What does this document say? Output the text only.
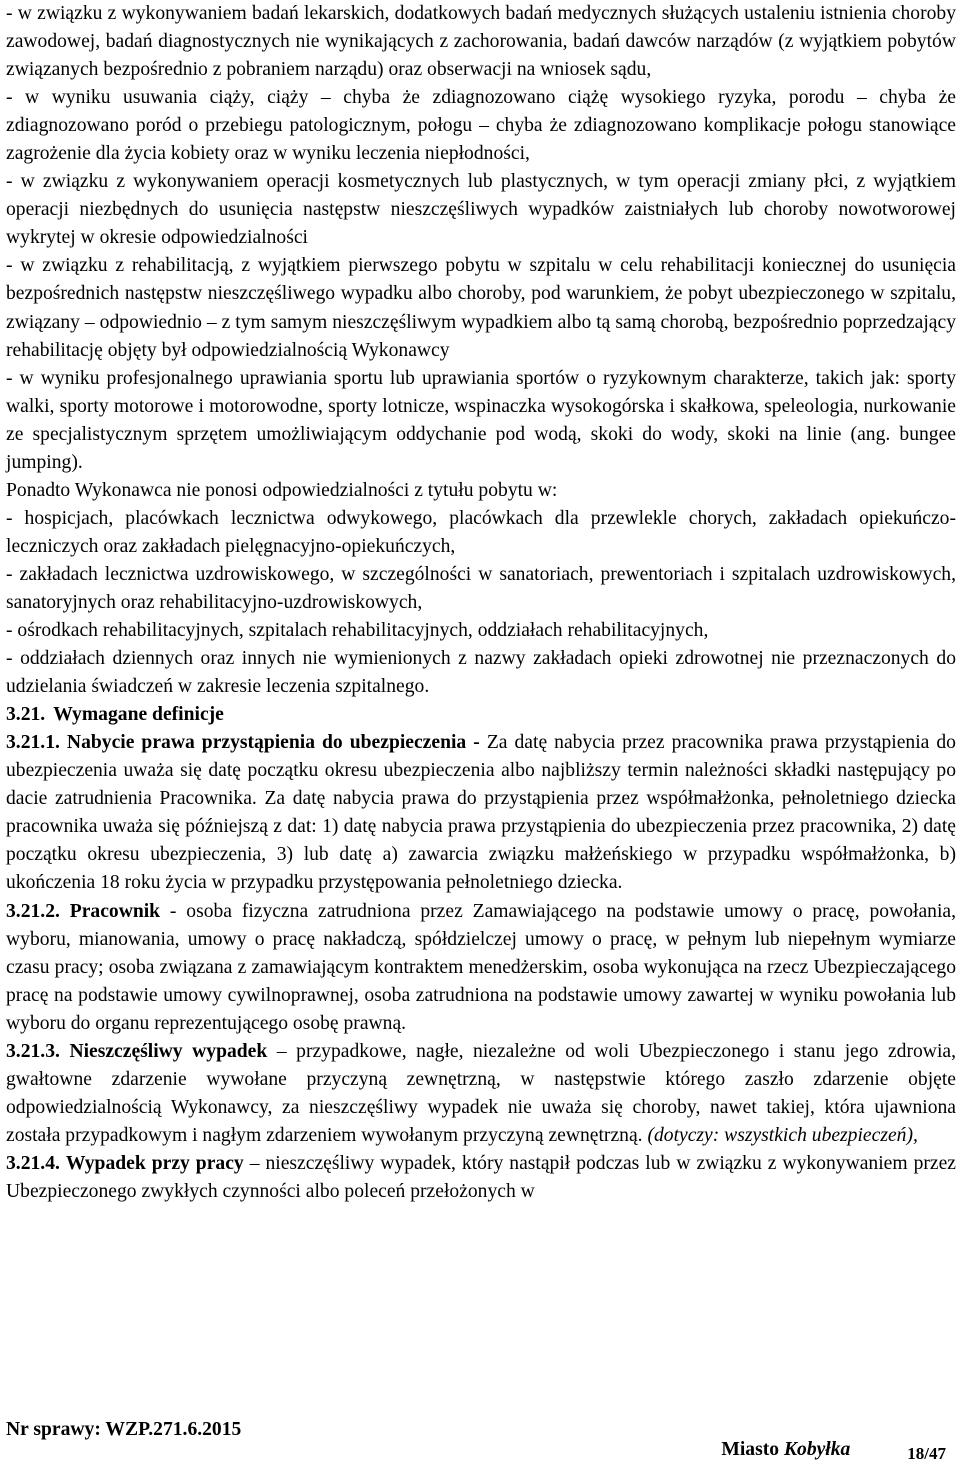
- w związku z wykonywaniem badań lekarskich, dodatkowych badań medycznych służących ustaleniu istnienia choroby zawodowej, badań diagnostycznych nie wynikających z zachorowania, badań dawców narządów (z wyjątkiem pobytów związanych bezpośrednio z pobraniem narządu) oraz obserwacji na wniosek sądu,

- w wyniku usuwania ciąży, ciąży – chyba że zdiagnozowano ciążę wysokiego ryzyka, porodu – chyba że zdiagnozowano poród o przebiegu patologicznym, połogu – chyba że zdiagnozowano komplikacje połogu stanowiące zagrożenie dla życia kobiety oraz w wyniku leczenia niepłodności,

- w związku z wykonywaniem operacji kosmetycznych lub plastycznych, w tym operacji zmiany płci, z wyjątkiem operacji niezbędnych do usunięcia następstw nieszczęśliwych wypadków zaistniałych lub choroby nowotworowej wykrytej w okresie odpowiedzialności

- w związku z rehabilitacją, z wyjątkiem pierwszego pobytu w szpitalu w celu rehabilitacji koniecznej do usunięcia bezpośrednich następstw nieszczęśliwego wypadku albo choroby, pod warunkiem, że pobyt ubezpieczonego w szpitalu, związany – odpowiednio – z tym samym nieszczęśliwym wypadkiem albo tą samą chorobą, bezpośrednio poprzedzający rehabilitację objęty był odpowiedzialnością Wykonawcy

- w wyniku profesjonalnego uprawiania sportu lub uprawiania sportów o ryzykownym charakterze, takich jak: sporty walki, sporty motorowe i motorowodne, sporty lotnicze, wspinaczka wysokogórska i skałkowa, speleologia, nurkowanie ze specjalistycznym sprzętem umożliwiającym oddychanie pod wodą, skoki do wody, skoki na linie (ang. bungee jumping).

Ponadto Wykonawca nie ponosi odpowiedzialności z tytułu pobytu w:

- hospicjach, placówkach lecznictwa odwykowego, placówkach dla przewlekle chorych, zakładach opiekuńczo-leczniczych oraz zakładach pielęgnacyjno-opiekuńczych,

- zakładach lecznictwa uzdrowiskowego, w szczególności w sanatoriach, prewentoriach i szpitalach uzdrowiskowych, sanatoryjnych oraz rehabilitacyjno-uzdrowiskowych,

- ośrodkach rehabilitacyjnych, szpitalach rehabilitacyjnych, oddziałach rehabilitacyjnych,

- oddziałach dziennych oraz innych nie wymienionych z nazwy zakładach opieki zdrowotnej nie przeznaczonych do udzielania świadczeń w zakresie leczenia szpitalnego.

3.21. Wymagane definicje

3.21.1. Nabycie prawa przystąpienia do ubezpieczenia - Za datę nabycia przez pracownika prawa przystąpienia do ubezpieczenia uważa się datę początku okresu ubezpieczenia albo najbliższy termin należności składki następujący po dacie zatrudnienia Pracownika. Za datę nabycia prawa do przystąpienia przez współmałżonka, pełnoletniego dziecka pracownika uważa się późniejszą z dat: 1) datę nabycia prawa przystąpienia do ubezpieczenia przez pracownika, 2) datę początku okresu ubezpieczenia, 3) lub datę a) zawarcia związku małżeńskiego w przypadku współmałżonka, b) ukończenia 18 roku życia w przypadku przystępowania pełnoletniego dziecka.

3.21.2. Pracownik - osoba fizyczna zatrudniona przez Zamawiającego na podstawie umowy o pracę, powołania, wyboru, mianowania, umowy o pracę nakładczą, spółdzielczej umowy o pracę, w pełnym lub niepełnym wymiarze czasu pracy; osoba związana z zamawiającym kontraktem menedżerskim, osoba wykonująca na rzecz Ubezpieczającego pracę na podstawie umowy cywilnoprawnej, osoba zatrudniona na podstawie umowy zawartej w wyniku powołania lub wyboru do organu reprezentującego osobę prawną.

3.21.3. Nieszczęśliwy wypadek – przypadkowe, nagłe, niezależne od woli Ubezpieczonego i stanu jego zdrowia, gwałtowne zdarzenie wywołane przyczyną zewnętrzną, w następstwie którego zaszło zdarzenie objęte odpowiedzialnością Wykonawcy, za nieszczęśliwy wypadek nie uważa się choroby, nawet takiej, która ujawniona została przypadkowym i nagłym zdarzeniem wywołanym przyczyną zewnętrzną. (dotyczy: wszystkich ubezpieczeń),

3.21.4. Wypadek przy pracy – nieszczęśliwy wypadek, który nastąpił podczas lub w związku z wykonywaniem przez Ubezpieczonego zwykłych czynności albo poleceń przełożonych w

Nr sprawy: WZP.271.6.2015
Miasto Kobyłka	18/47
